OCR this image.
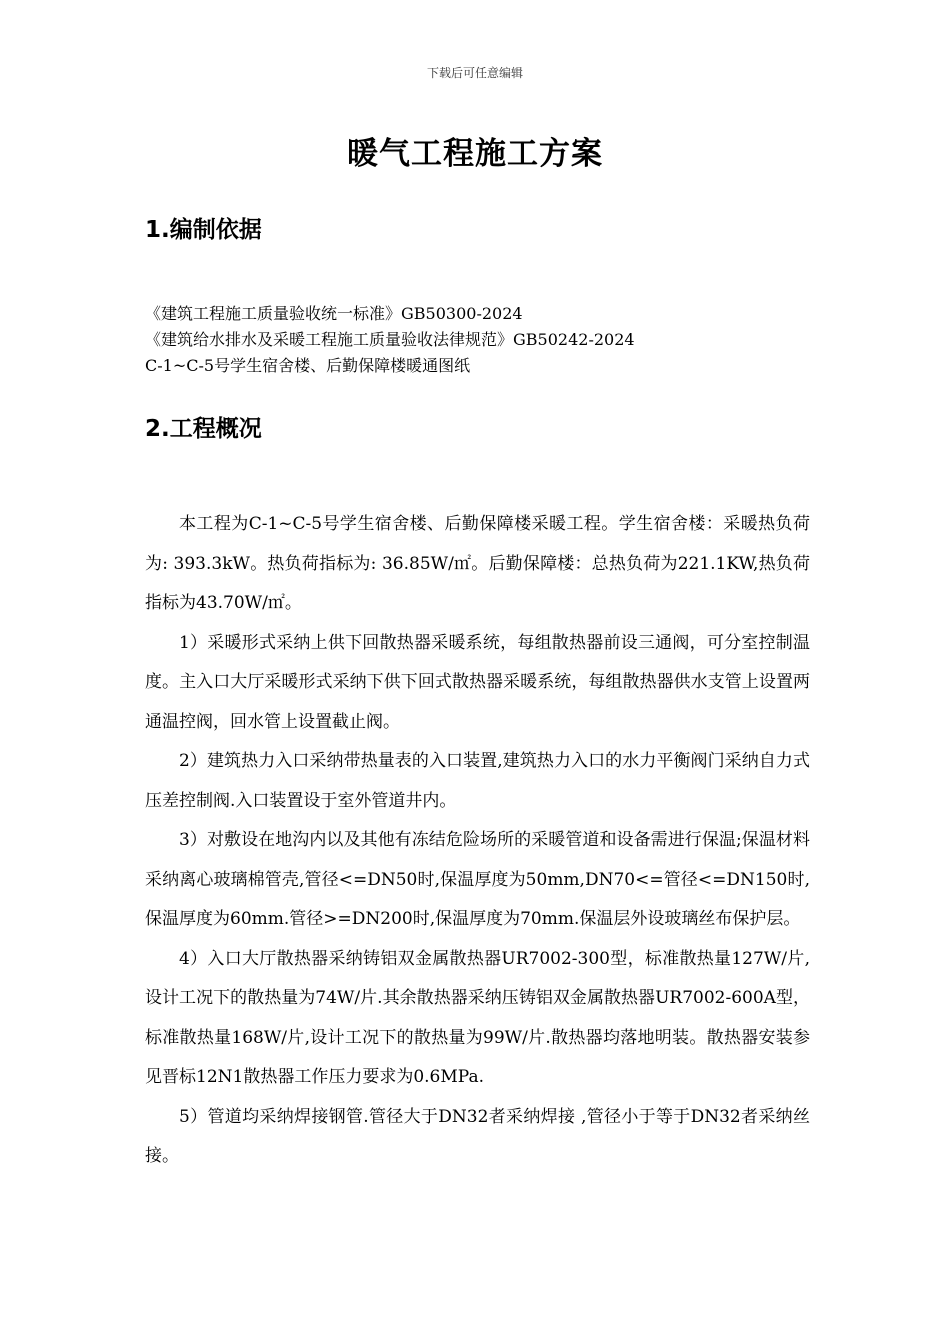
下载后可任意编辑
暖气工程施工方案
1.编制依据
《建筑工程施工质量验收统一标准》GB50300-2024
《建筑给水排水及采暖工程施工质量验收法律规范》GB50242-2024
C-1~C-5号学生宿舍楼、后勤保障楼暖通图纸
2.工程概况

本工程为C-1~C-5号学生宿舍楼、后勤保障楼采暖工程。学生宿舍楼：采暖热负荷为: 393.3kW。热负荷指标为: 36.85W/㎡。后勤保障楼：总热负荷为221.1KW,热负荷指标为43.70W/㎡。

1）采暖形式采纳上供下回散热器采暖系统，每组散热器前设三通阀，可分室控制温度。主入口大厅采暖形式采纳下供下回式散热器采暖系统，每组散热器供水支管上设置两通温控阀，回水管上设置截止阀。

2）建筑热力入口采纳带热量表的入口装置,建筑热力入口的水力平衡阀门采纳自力式压差控制阀.入口装置设于室外管道井内。

3）对敷设在地沟内以及其他有冻结危险场所的采暖管道和设备需进行保温;保温材料采纳离心玻璃棉管壳,管径<=DN50时,保温厚度为50mm,DN70<=管径<=DN150时,保温厚度为60mm.管径>=DN200时,保温厚度为70mm.保温层外设玻璃丝布保护层。

4）入口大厅散热器采纳铸铝双金属散热器UR7002-300型，标准散热量127W/片,设计工况下的散热量为74W/片.其余散热器采纳压铸铝双金属散热器UR7002-600A型，标准散热量168W/片,设计工况下的散热量为99W/片.散热器均落地明装。散热器安装参见晋标12N1散热器工作压力要求为0.6MPa.

5）管道均采纳焊接钢管.管径大于DN32者采纳焊接 ,管径小于等于DN32者采纳丝接。
